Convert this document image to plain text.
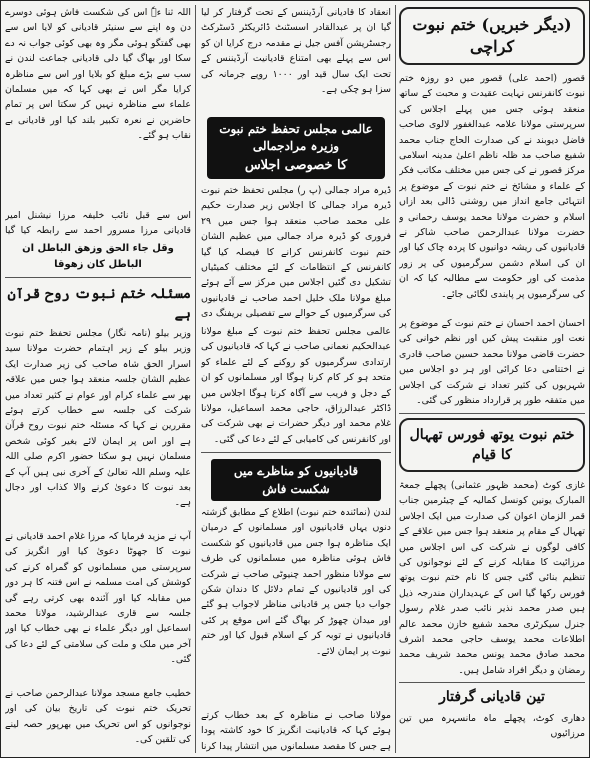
(دیگر خبریں) ختم نبوت کراچی

قصور (احمد علی) قصور میں دو روزہ ختم نبوت کانفرنس نہایت عقیدت و محبت کے ساتھ منعقد ہوئی جس میں پہلے اجلاس کی سرپرستی مولانا علامہ عبدالغفور لالوی صاحب فاضل دیوبند نے کی صدارت الحاج جناب محمد شفیع صاحب مد ظلہ ناظم اعلیٰ مدینہ اسلامی مرکز قصور نے کی جس میں مختلف مکاتب فکر کے علماء و مشائخ نے ختم نبوت کے موضوع پر انتہائی جامع انداز میں روشنی ڈالی بعد ازاں اسلام و حضرت مولانا محمد یوسف رحمانی و حضرت مولانا عبدالرحمن صاحب شاکر نے قادیانیوں کی ریشہ دوانیوں کا پردہ چاک کیا اور ان کی اسلام دشمن سرگرمیوں کی پر زور مذمت کی اور حکومت سے مطالبہ کیا کہ ان کی سرگرمیوں پر پابندی لگائی جائے۔

احسان احمد احسان نے ختم نبوت کے موضوع پر نعت اور منقبت پیش کیں اور نظم خوانی کی حضرت قاضی مولانا محمد حسین صاحب قادری نے اختتامی دعا کرائی اور ہر دو اجلاس میں شہریوں کی کثیر تعداد نے شرکت کی اجلاس میں متفقہ طور پر قرارداد منظور کی گئی۔

ختم نبوت یوتھ فورس تھہال کا قیام

غازی کوٹ (محمد ظہور عثمانی) پچھلے جمعۃ المبارک یونین کونسل کمالیہ کے چیئرمین جناب قمر الزمان اعوان کی صدارت میں ایک اجلاس تھہال کے مقام پر منعقد ہوا جس میں علاقے کے کافی لوگوں نے شرکت کی اس اجلاس میں مرزائیت کا مقابلہ کرنے کے لئے نوجوانوں کی تنظیم بنائی گئی جس کا نام ختم نبوت یوتھ فورس رکھا گیا اس کے عہدیداران مندرجہ ذیل ہیں صدر محمد نذیر نائب صدر غلام رسول جنرل سیکرٹری محمد شفیع خازن محمد عالم اطلاعات محمد یوسف حاجی محمد اشرف محمد صادق محمد یونس محمد شریف محمد رمضان و دیگر افراد شامل ہیں۔

تین قادیانی گرفتار

دھاری کوٹ، پچھلے ماہ مانسہرہ میں تین مرزائیوں

انعقاد کا قادیانی آرڈیننس کے تحت گرفتار کر لیا گیا ان پر عبدالقادر اسسٹنٹ ڈائریکٹر ڈسٹرکٹ رجسٹریشن آفس جیل نے مقدمہ درج کرایا ان کو اس سے پہلے بھی امتناع قادیانیت آرڈیننس کے تحت ایک سال قید اور ۱۰۰۰ روپے جرمانہ کی سزا ہو چکی ہے۔

عالمی مجلس تحفظ ختم نبوت وزیرہ مرادجمالی
کا خصوصی اجلاس

ڈیرہ مراد جمالی (پ ر) مجلس تحفظ ختم نبوت ڈیرہ مراد جمالی کا اجلاس زیر صدارت حکیم علی محمد صاحب منعقد ہوا جس میں ۲۹ فروری کو ڈیرہ مراد جمالی میں عظیم الشان ختم نبوت کانفرنس کرانے کا فیصلہ کیا گیا کانفرنس کے انتظامات کے لئے مختلف کمیٹیاں تشکیل دی گئیں اجلاس میں مرکز سے آئے ہوئے مبلغ مولانا ملک خلیل احمد صاحب نے قادیانیوں کی سرگرمیوں کے حوالے سے تفصیلی بریفنگ دی

عالمی مجلس تحفظ ختم نبوت کے مبلغ مولانا عبدالحکیم نعمانی صاحب نے کہا کہ قادیانیوں کی ارتدادی سرگرمیوں کو روکنے کے لئے علماء کو متحد ہو کر کام کرنا ہوگا اور مسلمانوں کو ان کے دجل و فریب سے آگاہ کرنا ہوگا اجلاس میں ڈاکٹر عبدالرزاق، حاجی محمد اسماعیل، مولانا غلام محمد اور دیگر حضرات نے بھی شرکت کی اور کانفرنس کی کامیابی کے لئے دعا کی گئی۔

قادیانیوں کو مناظرے میں شکست فاش

لندن (نمائندہ ختم نبوت) اطلاع کے مطابق گزشتہ دنوں یہاں قادیانیوں اور مسلمانوں کے درمیان ایک مناظرہ ہوا جس میں قادیانیوں کو شکست فاش ہوئی مناظرہ میں مسلمانوں کی طرف سے مولانا منظور احمد چنیوٹی صاحب نے شرکت کی اور قادیانیوں کے تمام دلائل کا دندان شکن جواب دیا جس پر قادیانی مناظر لاجواب ہو گئے اور میدان چھوڑ کر بھاگ گئے اس موقع پر کئی قادیانیوں نے توبہ کر کے اسلام قبول کیا اور ختم نبوت پر ایمان لائے۔

مولانا صاحب نے مناظرہ کے بعد خطاب کرتے ہوئے کہا کہ قادیانیت انگریز کا خود کاشتہ پودا ہے جس کا مقصد مسلمانوں میں انتشار پیدا کرنا

اللہ ثنا ءہٗ اس کی شکست فاش ہوئی دوسرے دن وہ اپنے سے سنیئر قادیانی کو لایا اس سے بھی گفتگو ہوئی مگر وہ بھی کوئی جواب نہ دے سکا اور بھاگ گیا دلی قادیانی جماعت لندن نے سب سے بڑے مبلغ کو بلایا اور اس سے مناظرہ کرایا مگر اس نے بھی کہا کہ میں مسلمان علماء سے مناظرہ نہیں کر سکتا اس پر تمام حاضرین نے نعرہ تکبیر بلند کیا اور قادیانی بے نقاب ہو گئے۔

اس سے قبل نائب خلیفہ مرزا نیشنل امیر قادیانی مرزا مسرور احمد سے رابطہ کیا گیا

وقل جاء الحق وزھق الباطل ان الباطل کان زھوقا
مسئلہ ختم نبوت روح قرآن ہے

وزیر بیلو (نامہ نگار) مجلس تحفظ ختم نبوت وزیر بیلو کے زیر اہتمام حضرت مولانا سید اسرار الحق شاہ صاحب کی زیر صدارت ایک عظیم الشان جلسہ منعقد ہوا جس میں علاقہ بھر سے علماء کرام اور عوام نے کثیر تعداد میں شرکت کی جلسہ سے خطاب کرتے ہوئے مقررین نے کہا کہ مسئلہ ختم نبوت روح قرآن ہے اور اس پر ایمان لائے بغیر کوئی شخص مسلمان نہیں ہو سکتا حضور اکرم صلی اللہ علیہ وسلم اللہ تعالیٰ کے آخری نبی ہیں آپ کے بعد نبوت کا دعویٰ کرنے والا کذاب اور دجال ہے۔

آپ نے مزید فرمایا کہ مرزا غلام احمد قادیانی نے نبوت کا جھوٹا دعویٰ کیا اور انگریز کی سرپرستی میں مسلمانوں کو گمراہ کرنے کی کوشش کی امت مسلمہ نے اس فتنہ کا ہر دور میں مقابلہ کیا اور آئندہ بھی کرتی رہے گی جلسہ سے قاری عبدالرشید، مولانا محمد اسماعیل اور دیگر علماء نے بھی خطاب کیا اور آخر میں ملک و ملت کی سلامتی کے لئے دعا کی گئی۔

خطیب جامع مسجد مولانا عبدالرحمن صاحب نے تحریک ختم نبوت کی تاریخ بیان کی اور نوجوانوں کو اس تحریک میں بھرپور حصہ لینے کی تلقین کی۔
